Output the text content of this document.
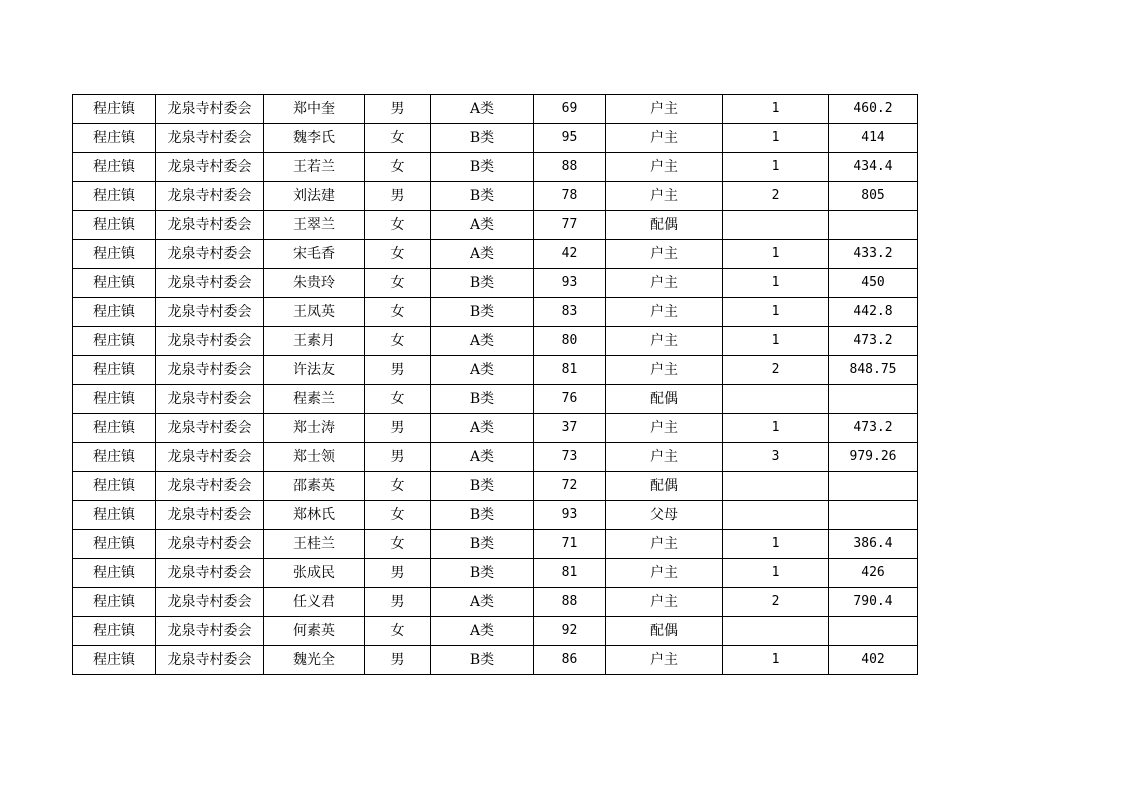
程庄镇	龙泉寺村委会	郑中奎	男	A类	69	户主	1	460.2
程庄镇	龙泉寺村委会	魏李氏	女	B类	95	户主	1	414
程庄镇	龙泉寺村委会	王若兰	女	B类	88	户主	1	434.4
程庄镇	龙泉寺村委会	刘法建	男	B类	78	户主	2	805
程庄镇	龙泉寺村委会	王翠兰	女	A类	77	配偶		
程庄镇	龙泉寺村委会	宋毛香	女	A类	42	户主	1	433.2
程庄镇	龙泉寺村委会	朱贵玲	女	B类	93	户主	1	450
程庄镇	龙泉寺村委会	王凤英	女	B类	83	户主	1	442.8
程庄镇	龙泉寺村委会	王素月	女	A类	80	户主	1	473.2
程庄镇	龙泉寺村委会	许法友	男	A类	81	户主	2	848.75
程庄镇	龙泉寺村委会	程素兰	女	B类	76	配偶		
程庄镇	龙泉寺村委会	郑士涛	男	A类	37	户主	1	473.2
程庄镇	龙泉寺村委会	郑士领	男	A类	73	户主	3	979.26
程庄镇	龙泉寺村委会	邵素英	女	B类	72	配偶		
程庄镇	龙泉寺村委会	郑林氏	女	B类	93	父母		
程庄镇	龙泉寺村委会	王桂兰	女	B类	71	户主	1	386.4
程庄镇	龙泉寺村委会	张成民	男	B类	81	户主	1	426
程庄镇	龙泉寺村委会	任义君	男	A类	88	户主	2	790.4
程庄镇	龙泉寺村委会	何素英	女	A类	92	配偶		
程庄镇	龙泉寺村委会	魏光全	男	B类	86	户主	1	402
